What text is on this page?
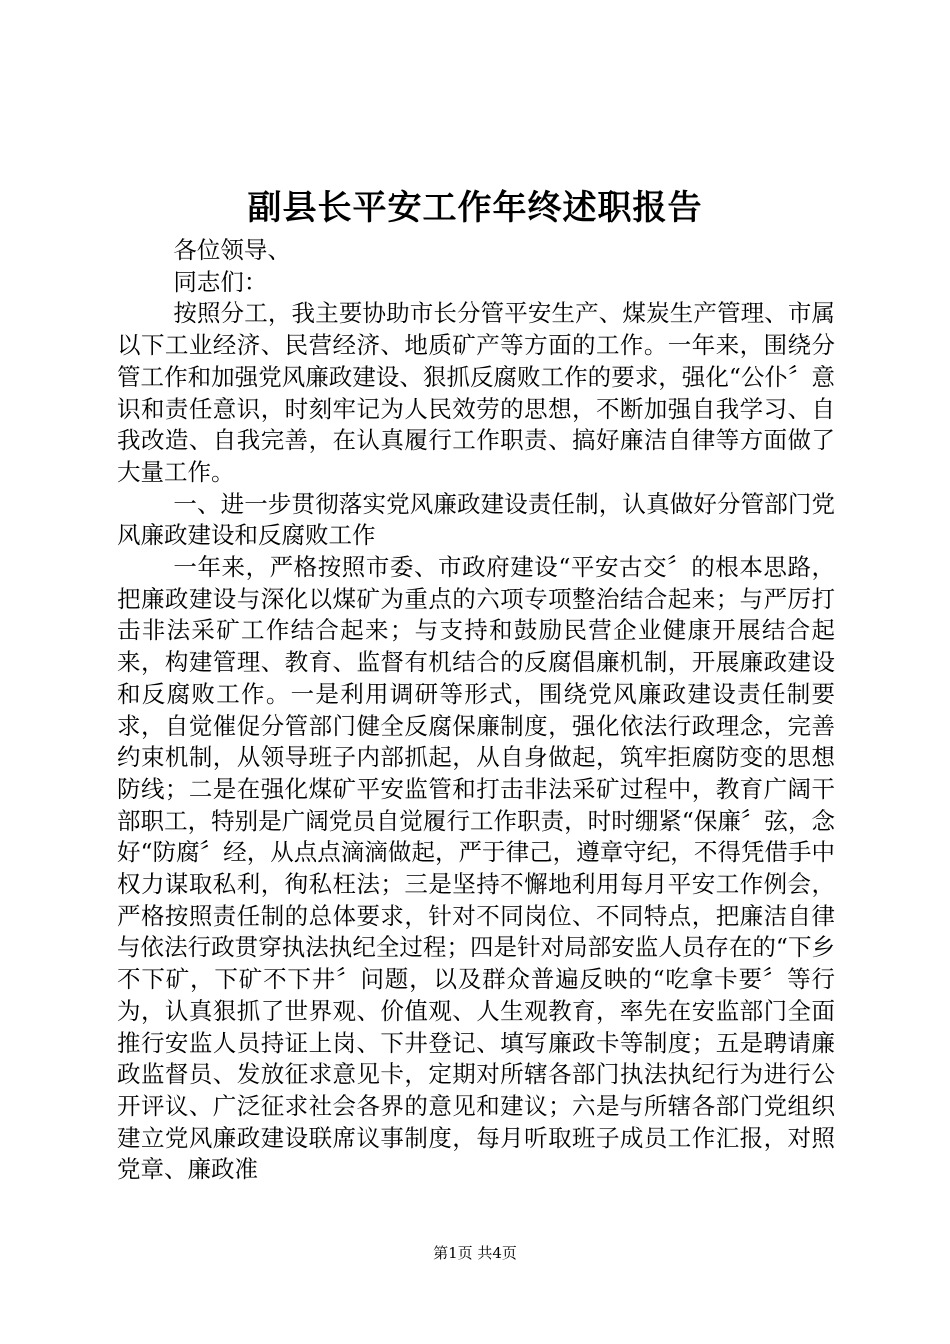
副县长平安工作年终述职报告

各位领导、

同志们：

按照分工，我主要协助市长分管平安生产、煤炭生产管理、市属以下工业经济、民营经济、地质矿产等方面的工作。一年来，围绕分管工作和加强党风廉政建设、狠抓反腐败工作的要求，强化“公仆〞意识和责任意识，时刻牢记为人民效劳的思想，不断加强自我学习、自我改造、自我完善，在认真履行工作职责、搞好廉洁自律等方面做了大量工作。

一、进一步贯彻落实党风廉政建设责任制，认真做好分管部门党风廉政建设和反腐败工作

一年来，严格按照市委、市政府建设“平安古交〞的根本思路，把廉政建设与深化以煤矿为重点的六项专项整治结合起来；与严厉打击非法采矿工作结合起来；与支持和鼓励民营企业健康开展结合起来，构建管理、教育、监督有机结合的反腐倡廉机制，开展廉政建设和反腐败工作。一是利用调研等形式，围绕党风廉政建设责任制要求，自觉催促分管部门健全反腐保廉制度，强化依法行政理念，完善约束机制，从领导班子内部抓起，从自身做起，筑牢拒腐防变的思想防线；二是在强化煤矿平安监管和打击非法采矿过程中，教育广阔干部职工，特别是广阔党员自觉履行工作职责，时时绷紧“保廉〞弦，念好“防腐〞经，从点点滴滴做起，严于律己，遵章守纪，不得凭借手中权力谋取私利，徇私枉法；三是坚持不懈地利用每月平安工作例会，严格按照责任制的总体要求，针对不同岗位、不同特点，把廉洁自律与依法行政贯穿执法执纪全过程；四是针对局部安监人员存在的“下乡不下矿，下矿不下井〞问题，以及群众普遍反映的“吃拿卡要〞等行为，认真狠抓了世界观、价值观、人生观教育，率先在安监部门全面推行安监人员持证上岗、下井登记、填写廉政卡等制度；五是聘请廉政监督员、发放征求意见卡，定期对所辖各部门执法执纪行为进行公开评议、广泛征求社会各界的意见和建议；六是与所辖各部门党组织建立党风廉政建设联席议事制度，每月听取班子成员工作汇报，对照党章、廉政准

第1页 共4页
